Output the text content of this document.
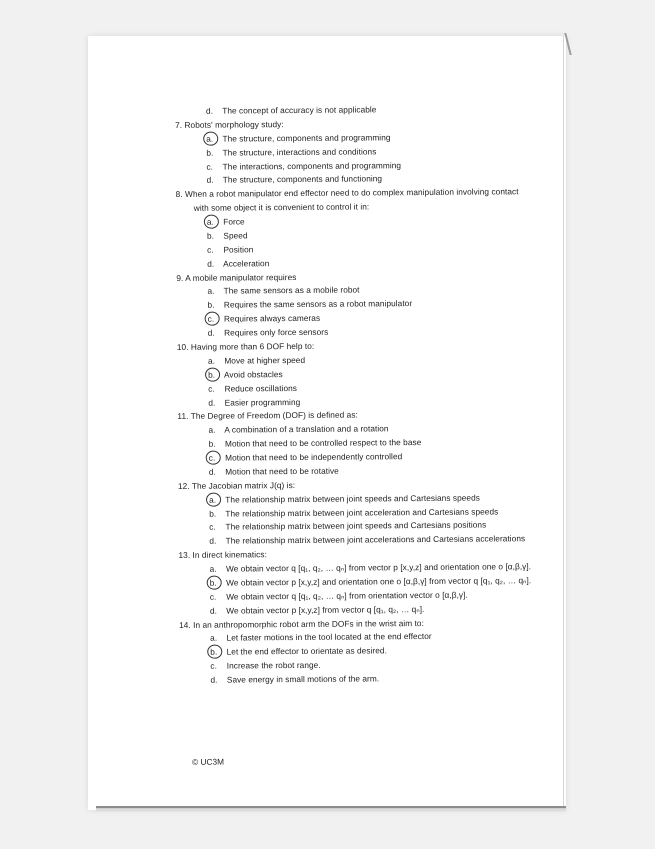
© UC3M
d. The concept of accuracy is not applicable
7. Robots' morphology study:
a. The structure, components and programming
b. The structure, interactions and conditions
c. The interactions, components and programming
d. The structure, components and functioning
8. When a robot manipulator end effector need to do complex manipulation involving contact
with some object it is convenient to control it in:
a. Force
b. Speed
c. Position
d. Acceleration
9. A mobile manipulator requires
a. The same sensors as a mobile robot
b. Requires the same sensors as a robot manipulator
c. Requires always cameras
d. Requires only force sensors
10. Having more than 6 DOF help to:
a. Move at higher speed
b. Avoid obstacles
c. Reduce oscillations
d. Easier programming
11. The Degree of Freedom (DOF) is defined as:
a. A combination of a translation and a rotation
b. Motion that need to be controlled respect to the base
c. Motion that need to be independently controlled
d. Motion that need to be rotative
12. The Jacobian matrix J(q) is:
a. The relationship matrix between joint speeds and Cartesians speeds
b. The relationship matrix between joint acceleration and Cartesians speeds
c. The relationship matrix between joint speeds and Cartesians positions
d. The relationship matrix between joint accelerations and Cartesians accelerations
13. In direct kinematics:
a. We obtain vector q [q₁, q₂, … qₙ] from vector p [x,y,z] and orientation one o [α,β,γ].
b. We obtain vector p [x,y,z] and orientation one o [α,β,γ] from vector q [q₁, q₂, … qₙ].
c. We obtain vector q [q₁, q₂, … qₙ] from orientation vector o [α,β,γ].
d. We obtain vector p [x,y,z] from vector q [q₁, q₂, … qₙ].
14. In an anthropomorphic robot arm the DOFs in the wrist aim to:
a. Let faster motions in the tool located at the end effector
b. Let the end effector to orientate as desired.
c. Increase the robot range.
d. Save energy in small motions of the arm.
